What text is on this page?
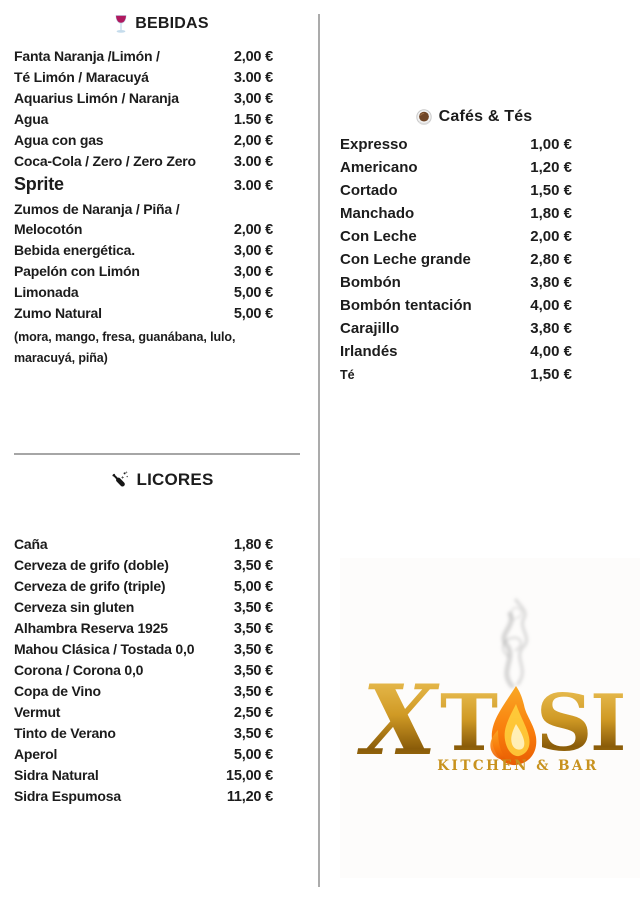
BEBIDAS
Fanta Naranja /Limón /	2,00 €
Té Limón / Maracuyá	3.00 €
Aquarius Limón / Naranja	3,00 €
Agua	1.50 €
Agua con gas	2,00 €
Coca-Cola / Zero / Zero Zero	3.00 €
Sprite	3.00 €
Zumos de Naranja / Piña /
Melocotón	2,00 €
Bebida energética.	3,00 €
Papelón con Limón	3,00 €
Limonada	5,00 €
Zumo Natural	5,00 €

(mora, mango, fresa, guanábana, lulo, maracuyá, piña)

Cafés & Tés
Expresso	1,00 €
Americano	1,20 €
Cortado	1,50 €
Manchado	1,80 €
Con Leche	2,00 €
Con Leche grande	2,80 €
Bombón	3,80 €
Bombón tentación	4,00 €
Carajillo	3,80 €
Irlandés	4,00 €
Té	1,50 €
LICORES
Caña	1,80 €
Cerveza de grifo (doble)	3,50 €
Cerveza de grifo (triple)	5,00 €
Cerveza sin gluten	3,50 €
Alhambra Reserva 1925	3,50 €
Mahou Clásica / Tostada 0,0	3,50 €
Corona / Corona 0,0	3,50 €
Copa de Vino	3,50 €
Vermut	2,50 €
Tinto de Verano	3,50 €
Aperol	5,00 €
Sidra Natural	15,00 €
Sidra Espumosa	11,20 €
X T S
I
KITCHEN & BAR
